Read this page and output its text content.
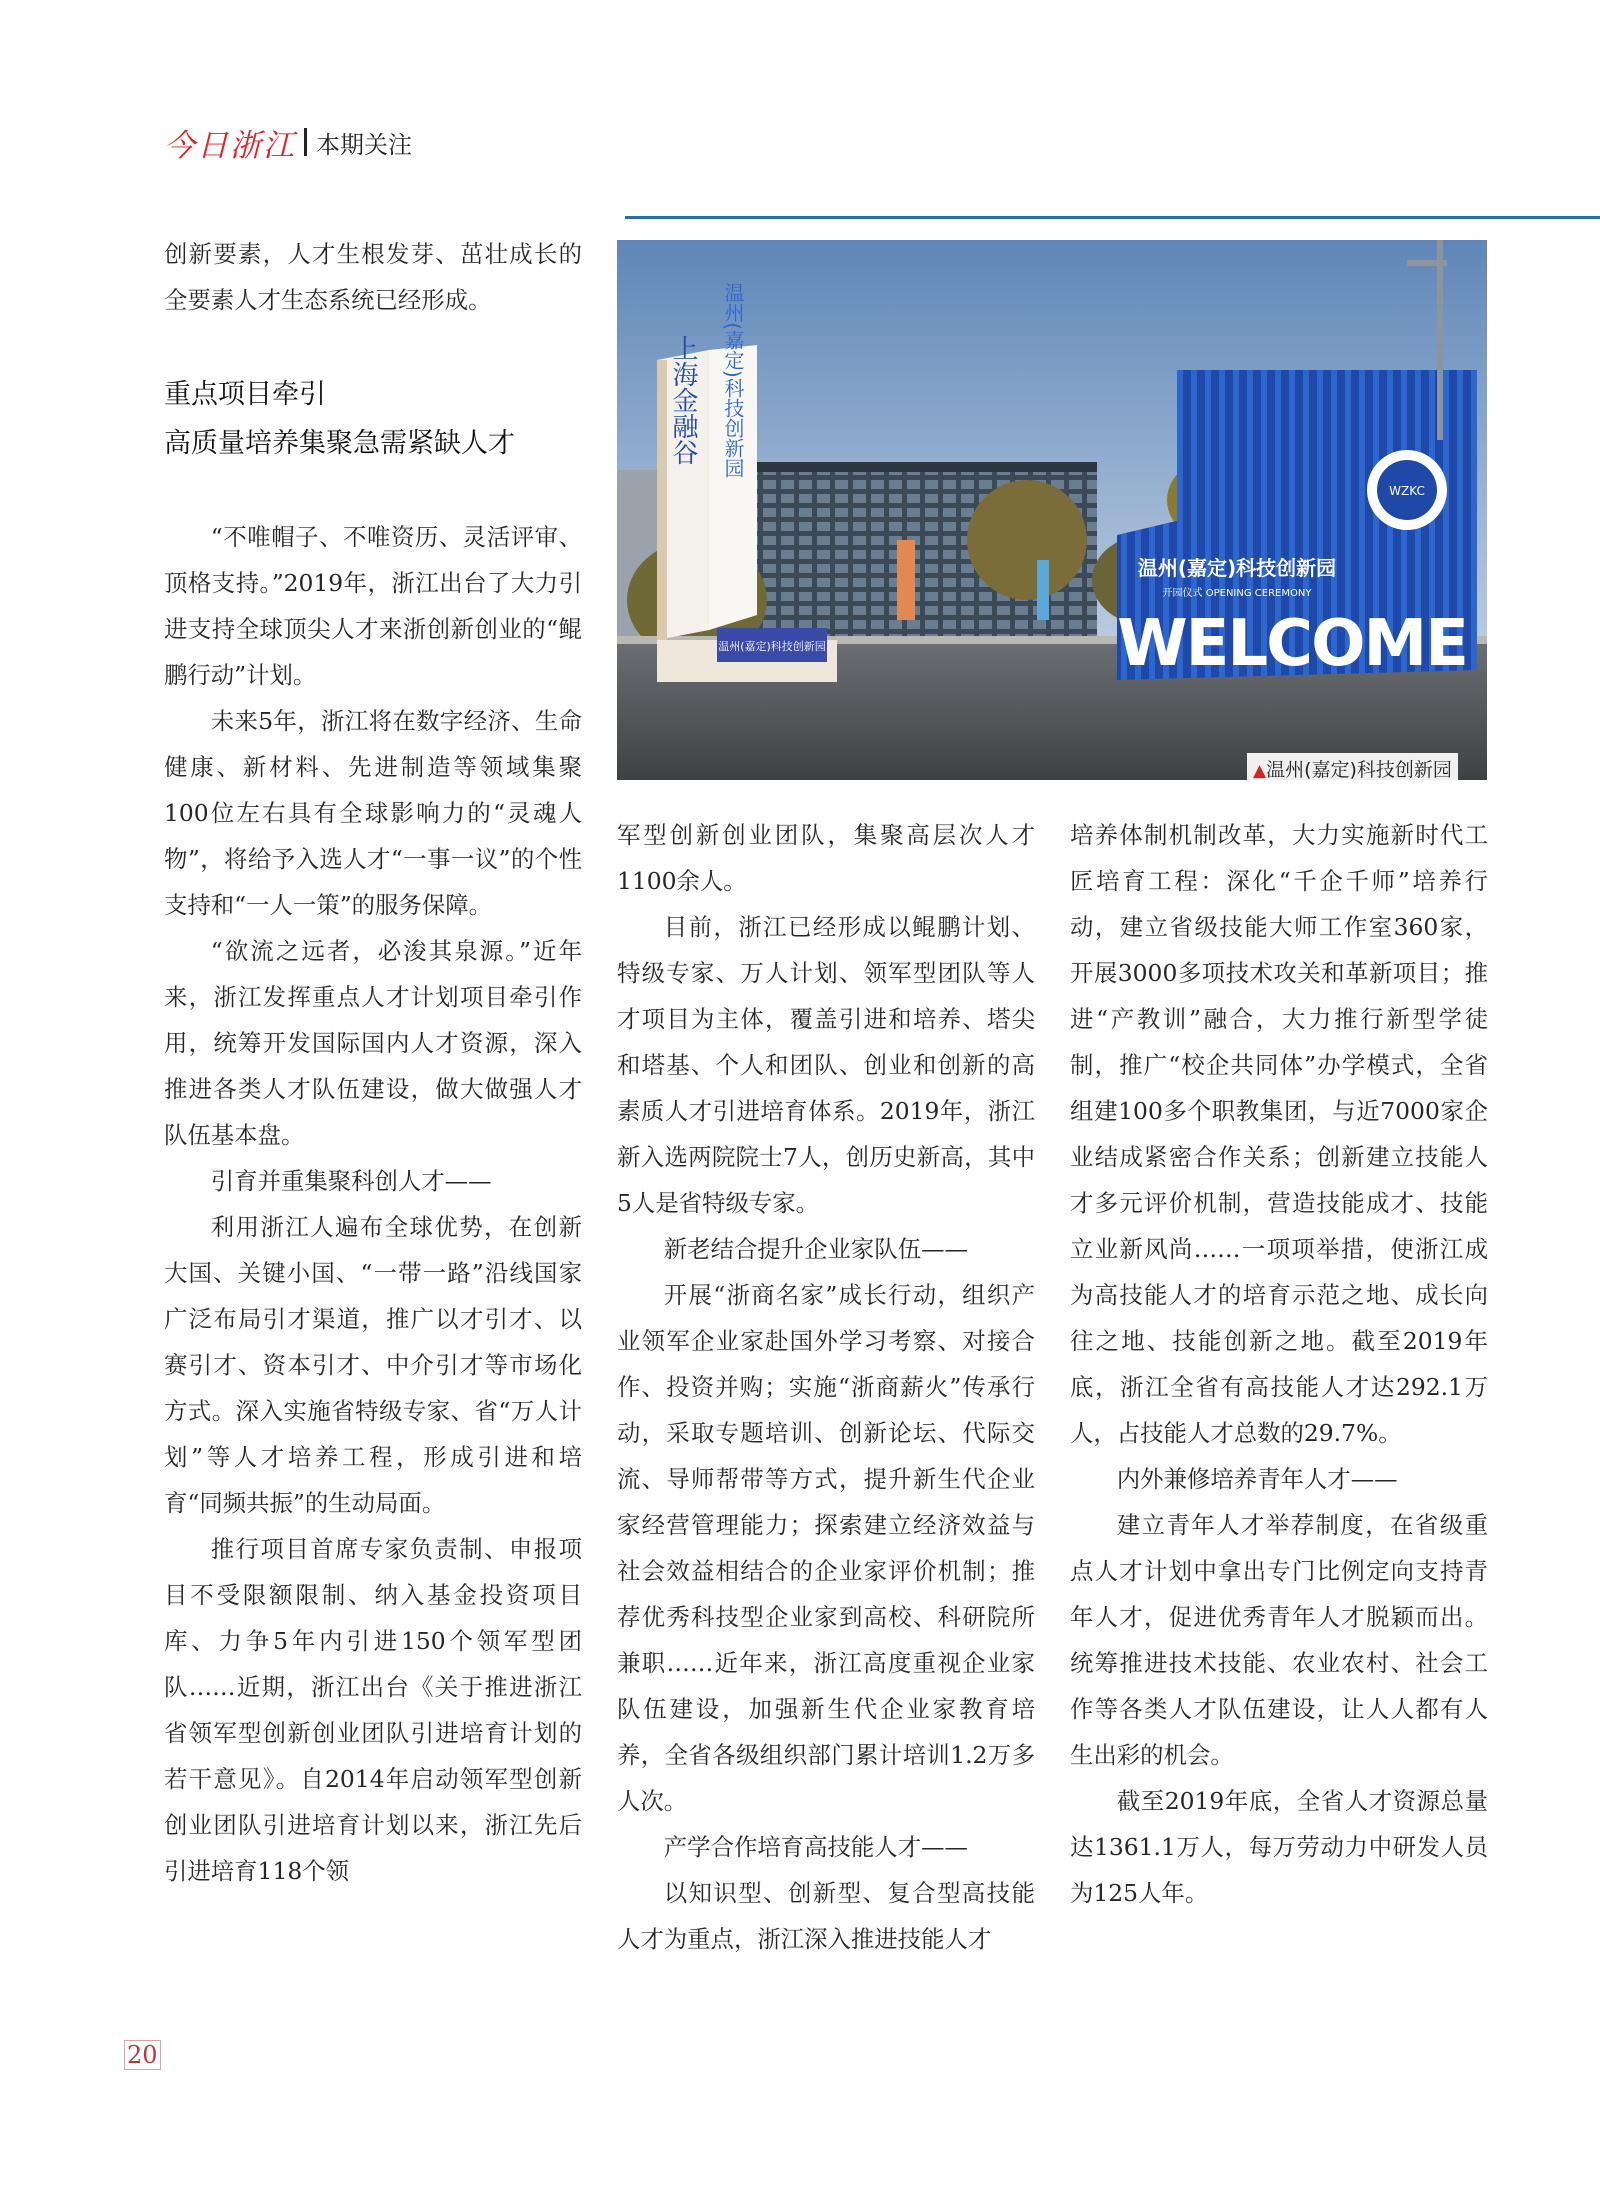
今日浙江 本期关注
上海金融谷 温州(嘉定)科技创新园
温州(嘉定)科技创新园
WZKC
温州(嘉定)科技创新园
开园仪式 OPENING CEREMONY
WELCOME
▲温州(嘉定)科技创新园

创新要素，人才生根发芽、茁壮成长的全要素人才生态系统已经形成。

重点项目牵引
高质量培养集聚急需紧缺人才

“不唯帽子、不唯资历、灵活评审、顶格支持。”2019年，浙江出台了大力引进支持全球顶尖人才来浙创新创业的“鲲鹏行动”计划。

未来5年，浙江将在数字经济、生命健康、新材料、先进制造等领域集聚100位左右具有全球影响力的“灵魂人物”，将给予入选人才“一事一议”的个性支持和“一人一策”的服务保障。

“欲流之远者，必浚其泉源。”近年来，浙江发挥重点人才计划项目牵引作用，统筹开发国际国内人才资源，深入推进各类人才队伍建设，做大做强人才队伍基本盘。

引育并重集聚科创人才——

利用浙江人遍布全球优势，在创新大国、关键小国、“一带一路”沿线国家广泛布局引才渠道，推广以才引才、以赛引才、资本引才、中介引才等市场化方式。深入实施省特级专家、省“万人计划”等人才培养工程，形成引进和培育“同频共振”的生动局面。

推行项目首席专家负责制、申报项目不受限额限制、纳入基金投资项目库、力争5年内引进150个领军型团队……近期，浙江出台《关于推进浙江省领军型创新创业团队引进培育计划的若干意见》。自2014年启动领军型创新创业团队引进培育计划以来，浙江先后引进培育118个领

军型创新创业团队，集聚高层次人才1100余人。

目前，浙江已经形成以鲲鹏计划、特级专家、万人计划、领军型团队等人才项目为主体，覆盖引进和培养、塔尖和塔基、个人和团队、创业和创新的高素质人才引进培育体系。2019年，浙江新入选两院院士7人，创历史新高，其中5人是省特级专家。

新老结合提升企业家队伍——

开展“浙商名家”成长行动，组织产业领军企业家赴国外学习考察、对接合作、投资并购；实施“浙商薪火”传承行动，采取专题培训、创新论坛、代际交流、导师帮带等方式，提升新生代企业家经营管理能力；探索建立经济效益与社会效益相结合的企业家评价机制；推荐优秀科技型企业家到高校、科研院所兼职……近年来，浙江高度重视企业家队伍建设，加强新生代企业家教育培养，全省各级组织部门累计培训1.2万多人次。

产学合作培育高技能人才——

以知识型、创新型、复合型高技能人才为重点，浙江深入推进技能人才

培养体制机制改革，大力实施新时代工匠培育工程：深化“千企千师”培养行动，建立省级技能大师工作室360家，开展3000多项技术攻关和革新项目；推进“产教训”融合，大力推行新型学徒制，推广“校企共同体”办学模式，全省组建100多个职教集团，与近7000家企业结成紧密合作关系；创新建立技能人才多元评价机制，营造技能成才、技能立业新风尚……一项项举措，使浙江成为高技能人才的培育示范之地、成长向往之地、技能创新之地。截至2019年底，浙江全省有高技能人才达292.1万人，占技能人才总数的29.7%。

内外兼修培养青年人才——

建立青年人才举荐制度，在省级重点人才计划中拿出专门比例定向支持青年人才，促进优秀青年人才脱颖而出。统筹推进技术技能、农业农村、社会工作等各类人才队伍建设，让人人都有人生出彩的机会。

截至2019年底，全省人才资源总量达1361.1万人，每万劳动力中研发人员为125人年。

20
